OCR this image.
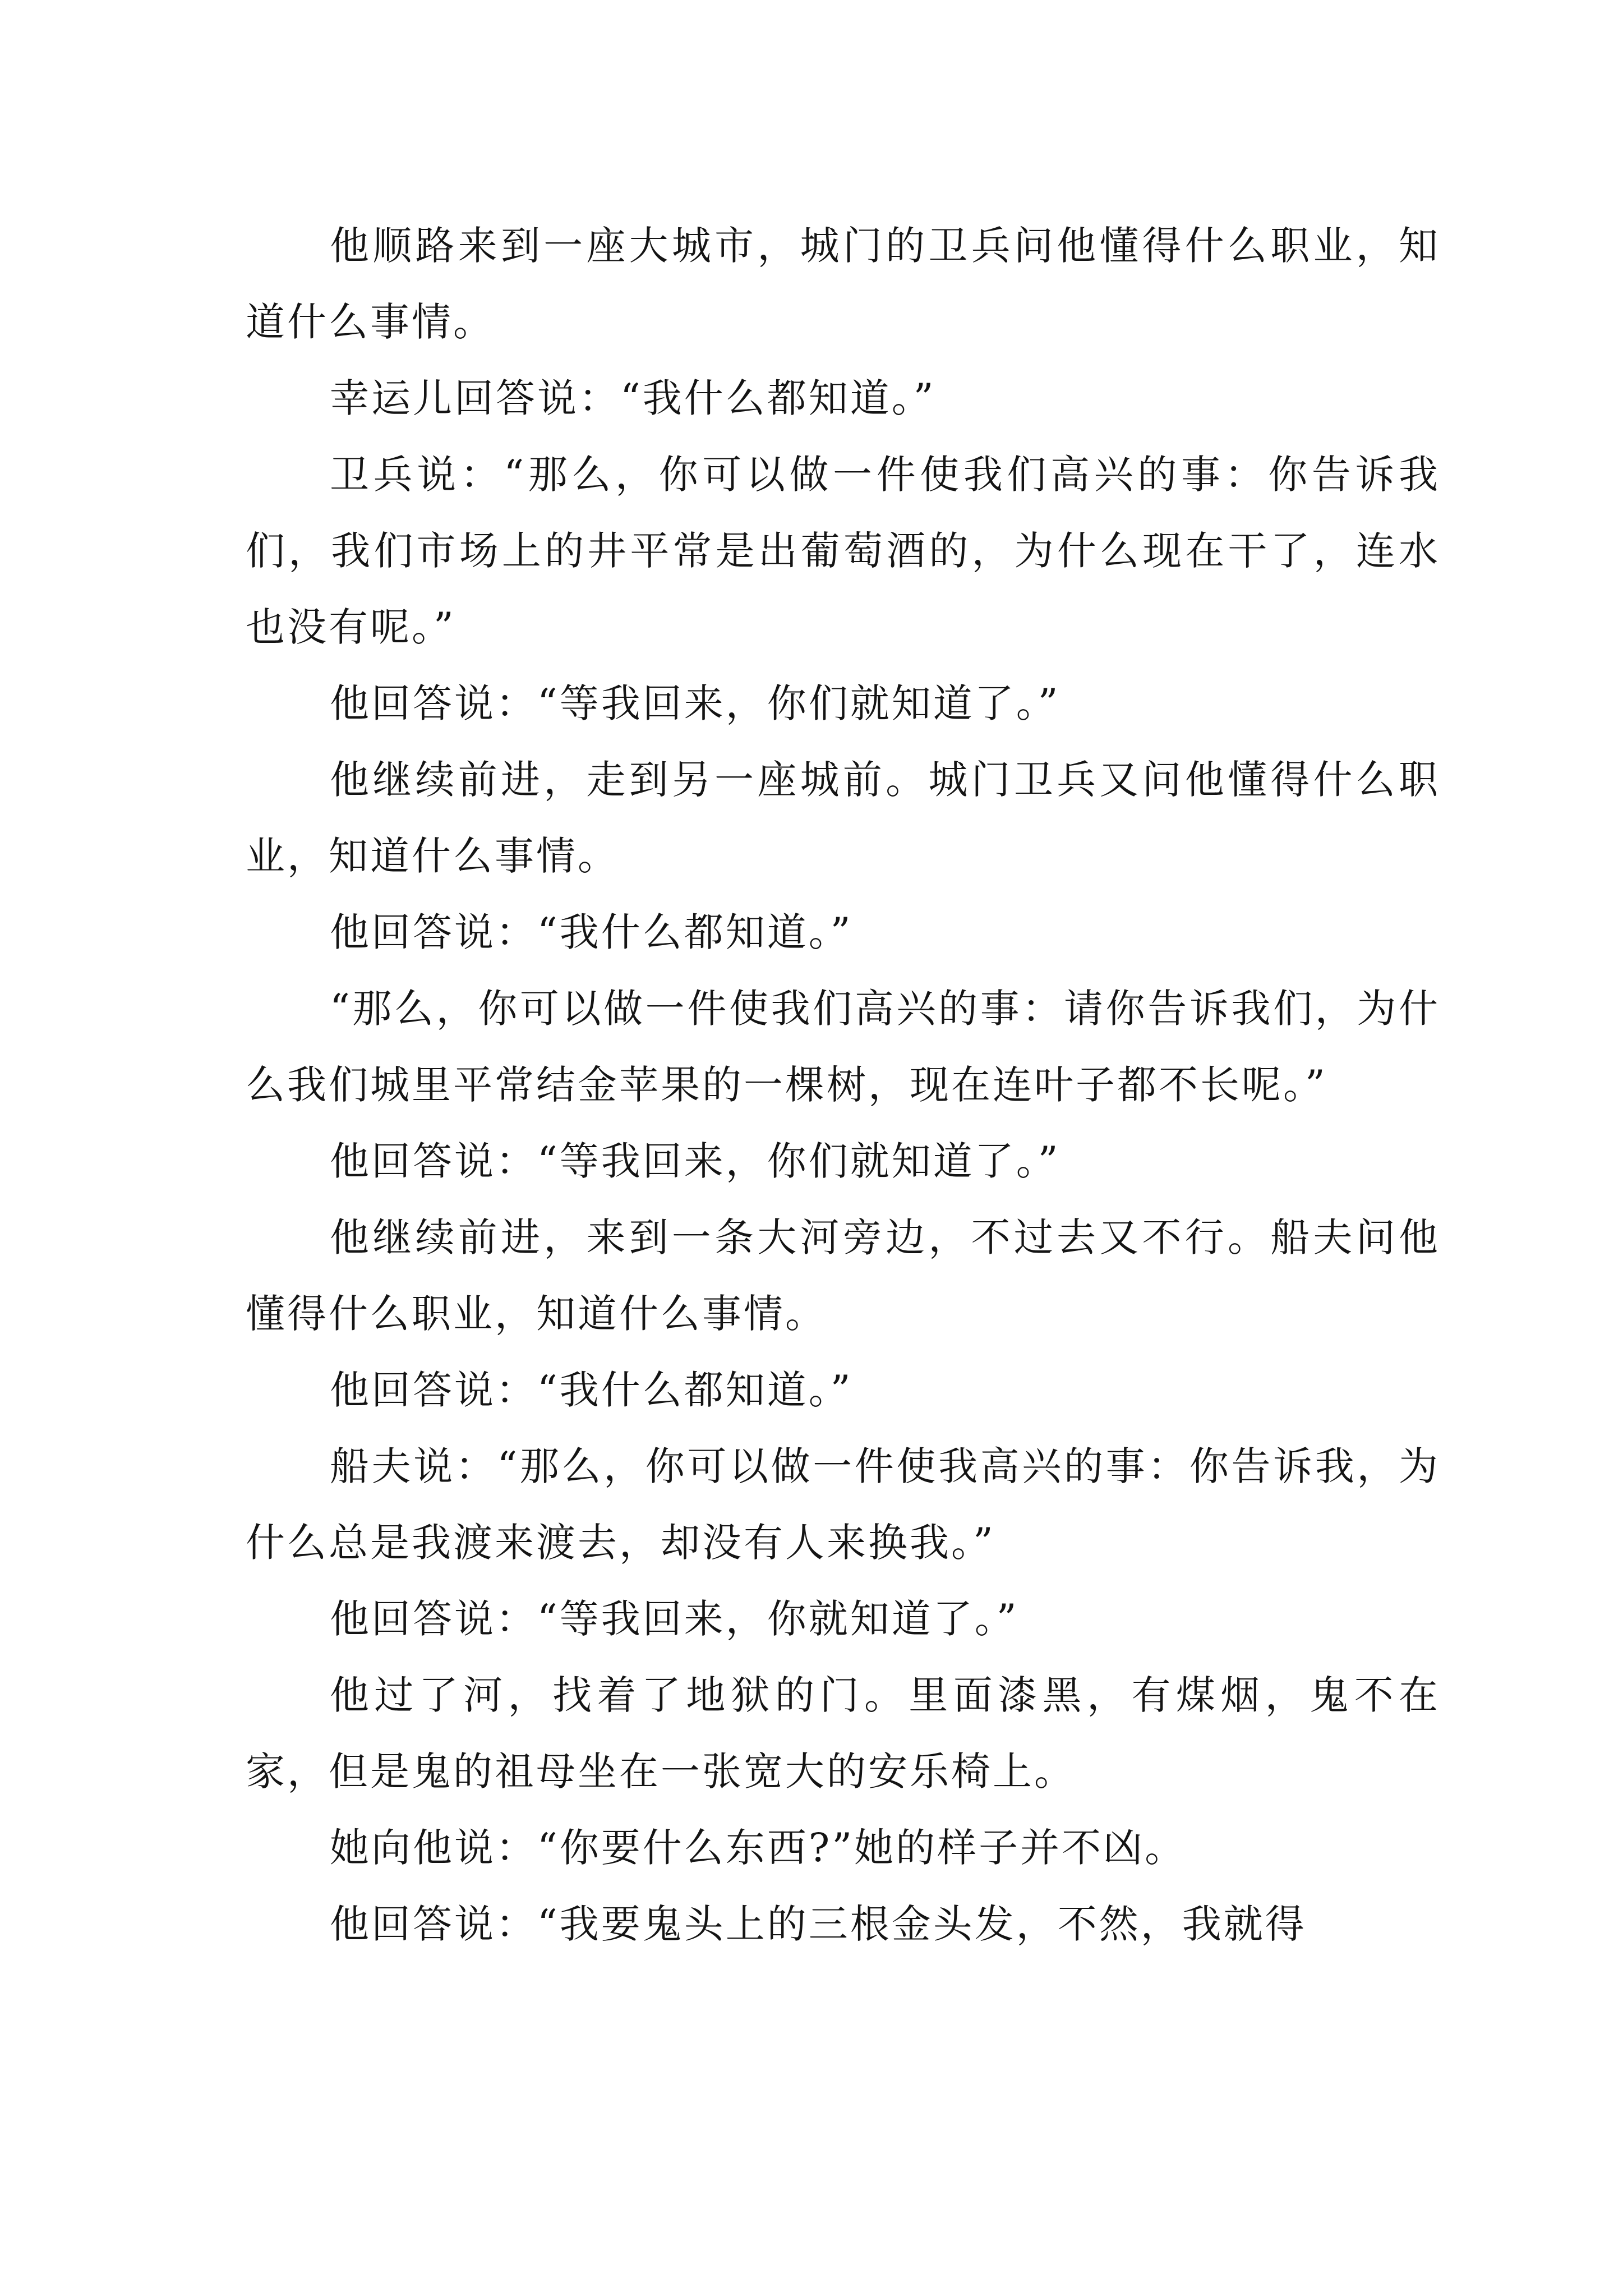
他顺路来到一座大城市，城门的卫兵问他懂得什么职业，知道什么事情。

幸运儿回答说：“我什么都知道。”

卫兵说：“那么，你可以做一件使我们高兴的事：你告诉我们，我们市场上的井平常是出葡萄酒的，为什么现在干了，连水也没有呢。”

他回答说：“等我回来，你们就知道了。”

他继续前进，走到另一座城前。城门卫兵又问他懂得什么职业，知道什么事情。

他回答说：“我什么都知道。”

“那么，你可以做一件使我们高兴的事：请你告诉我们，为什么我们城里平常结金苹果的一棵树，现在连叶子都不长呢。”

他回答说：“等我回来，你们就知道了。”

他继续前进，来到一条大河旁边，不过去又不行。船夫问他懂得什么职业，知道什么事情。

他回答说：“我什么都知道。”

船夫说：“那么，你可以做一件使我高兴的事：你告诉我，为什么总是我渡来渡去，却没有人来换我。”

他回答说：“等我回来，你就知道了。”

他过了河，找着了地狱的门。里面漆黑，有煤烟，鬼不在家，但是鬼的祖母坐在一张宽大的安乐椅上。

她向他说：“你要什么东西?”她的样子并不凶。

他回答说：“我要鬼头上的三根金头发，不然，我就得
